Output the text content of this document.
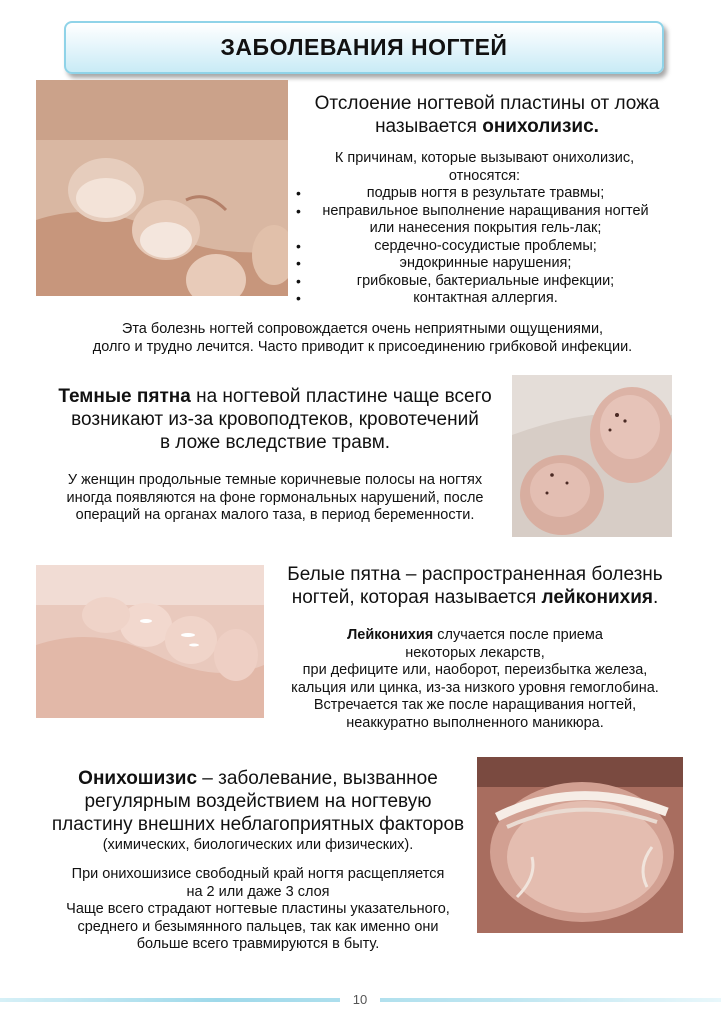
ЗАБОЛЕВАНИЯ НОГТЕЙ
Отслоение ногтевой пластины от ложа
называется онихолизис.
К причинам, которые вызывают онихолизис,
относятся:
•	подрыв ногтя в результате травмы;
• неправильное выполнение наращивания ногтей
или нанесения покрытия гель-лак;
•	сердечно-сосудистые проблемы;
•	эндокринные нарушения;
•	грибковые, бактериальные инфекции;
•	контактная аллергия.
Эта болезнь ногтей сопровождается очень неприятными ощущениями,
долго и трудно лечится. Часто приводит к присоединению грибковой инфекции.
Темные пятна на ногтевой пластине чаще всего
возникают из-за кровоподтеков, кровотечений
в ложе вследствие травм.
У женщин продольные темные коричневые полосы на ногтях
иногда появляются на фоне гормональных нарушений, после
операций на органах малого таза, в период беременности.
Белые пятна – распространенная болезнь
ногтей, которая называется лейконихия.
Лейконихия случается после приема
некоторых лекарств,
при дефиците или, наоборот, переизбытка железа,
кальция или цинка, из-за низкого уровня гемоглобина.
Встречается так же после наращивания ногтей,
неаккуратно выполненного маникюра.
Онихошизис – заболевание, вызванное
регулярным воздействием на ногтевую
пластину внешних неблагоприятных факторов
(химических, биологических или физических).
При онихошизисе свободный край ногтя расщепляется
на 2 или даже 3 слоя
Чаще всего страдают ногтевые пластины указательного,
среднего и безымянного пальцев, так как именно они
больше всего травмируются в быту.
10
